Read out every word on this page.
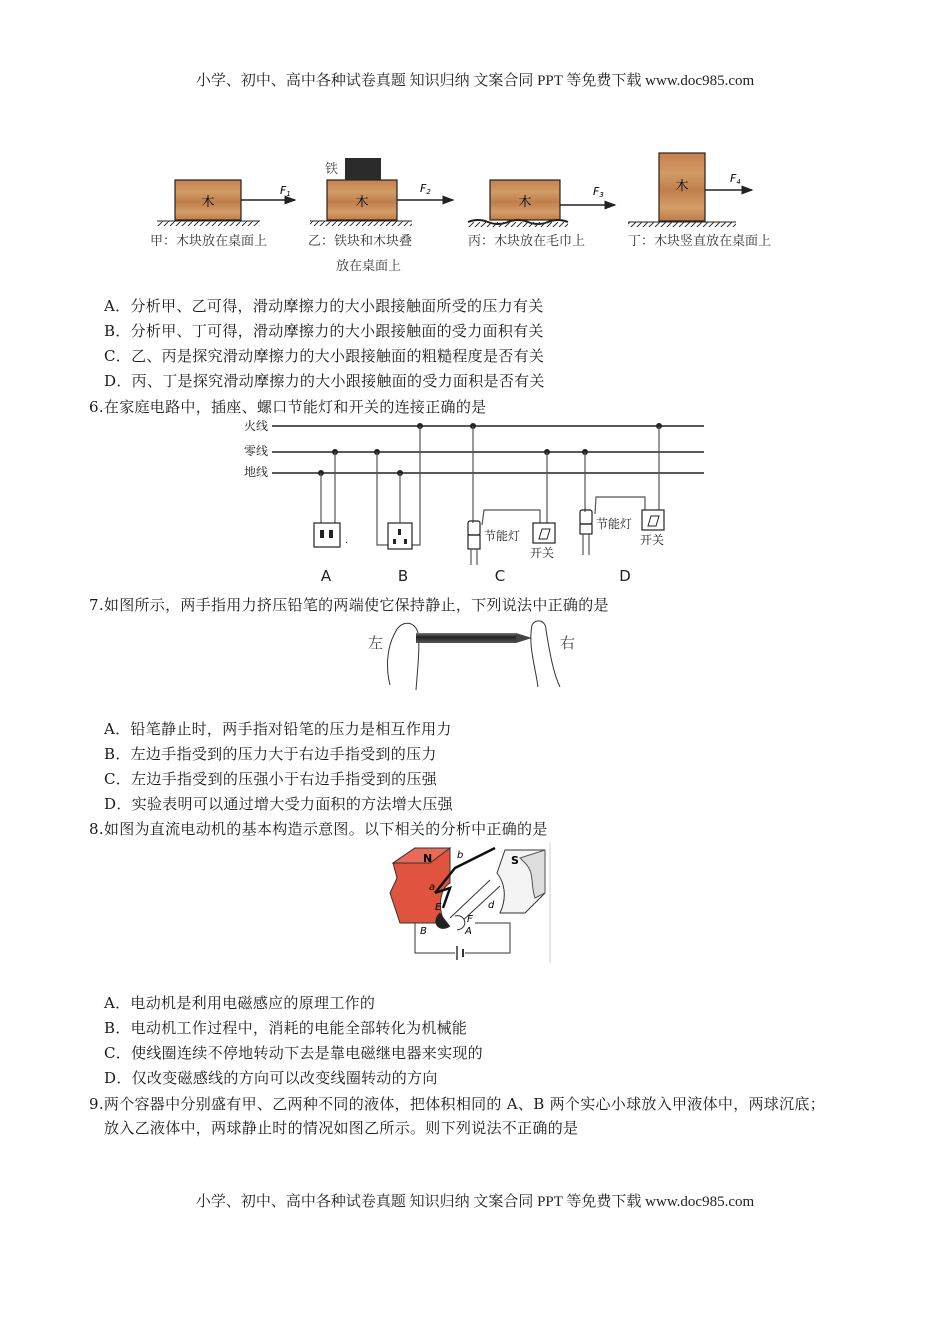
小学、初中、高中各种试卷真题 知识归纳 文案合同 PPT 等免费下载 www.doc985.com
木
F1
甲：木块放在桌面上
铁
木
F2
乙：铁块和木块叠
放在桌面上
木
F3
丙：木块放在毛巾上
木
F4
丁：木块竖直放在桌面上
A．分析甲、乙可得，滑动摩擦力的大小跟接触面所受的压力有关
B．分析甲、丁可得，滑动摩擦力的大小跟接触面的受力面积有关
C．乙、丙是探究滑动摩擦力的大小跟接触面的粗糙程度是否有关
D．丙、丁是探究滑动摩擦力的大小跟接触面的受力面积是否有关
6.在家庭电路中，插座、螺口节能灯和开关的连接正确的是
火线
零线
地线
.	节能灯
开关
节能灯
开关
A	B	C	D
7.如图所示，两手指用力挤压铅笔的两端使它保持静止，下列说法中正确的是
左	右
A．铅笔静止时，两手指对铅笔的压力是相互作用力
B．左边手指受到的压力大于右边手指受到的压力
C．左边手指受到的压强小于右边手指受到的压强
D．实验表明可以通过增大受力面积的方法增大压强
8.如图为直流电动机的基本构造示意图。以下相关的分析中正确的是
N	S
b
a
d
E
F
A
B
A．电动机是利用电磁感应的原理工作的
B．电动机工作过程中，消耗的电能全部转化为机械能
C．使线圈连续不停地转动下去是靠电磁继电器来实现的
D．仅改变磁感线的方向可以改变线圈转动的方向
9.两个容器中分别盛有甲、乙两种不同的液体，把体积相同的 A、B 两个实心小球放入甲液体中，两球沉底；
放入乙液体中，两球静止时的情况如图乙所示。则下列说法不正确的是
小学、初中、高中各种试卷真题 知识归纳 文案合同 PPT 等免费下载 www.doc985.com
